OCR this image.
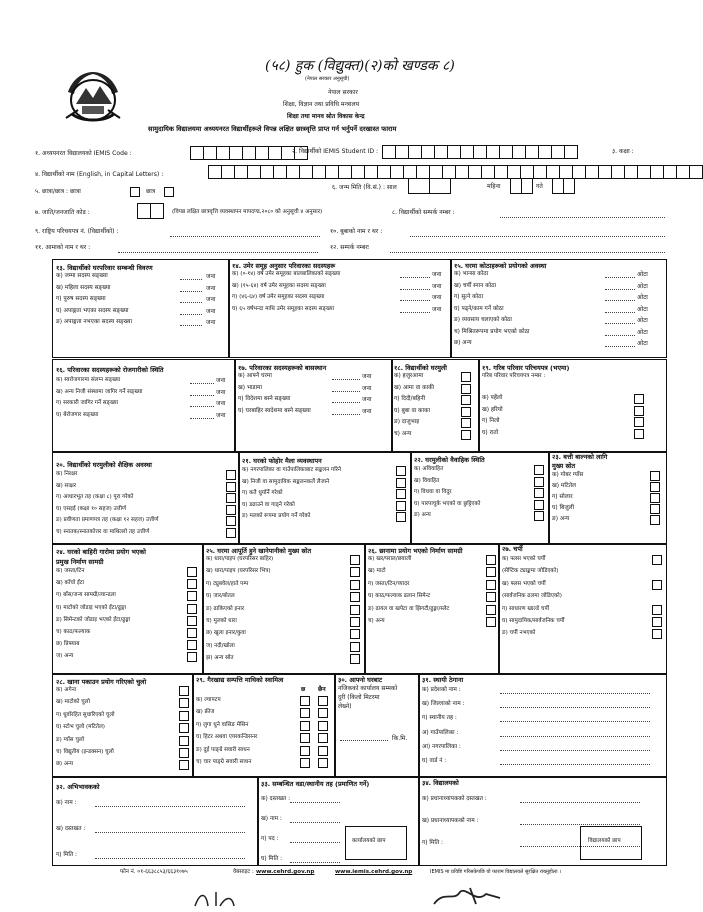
(५८) हुक (विद्युक्त)(२)को खण्डक ८)
(नेपाल सरकार अनुसूची)
नेपाल सरकार
शिक्षा, विज्ञान तथा प्रविधि मन्त्रालय
शिक्षा तथा मानव स्रोत विकास केन्द्र
सामुदायिक विद्यालयमा अध्ययनरत विद्यार्थीहरूले विपन्न लक्षित छात्रवृत्ति प्राप्त गर्न भर्नुपर्ने दरखास्त फाराम
१. अध्ययनरत विद्यालयको IEMIS Code :	२. विद्यार्थीको IEMIS Student ID :	३. कक्षा :
४. विद्यार्थीको नाम (English, in Capital Letters) :
५. छात्रा/छात्र : छात्रा	छात्र
६. जन्म मिति (वि.सं.) : साल	महिना	गते
७. जाति/जनजाति कोड :	(विपन्न लक्षित छात्रवृत्ति व्यवस्थापन मापदण्ड,२०८० को अनुसूची ४ अनुसार)	८. विद्यार्थीको सम्पर्क नम्बर :
९. राष्ट्रिय परिचयपत्र नं. (विद्यार्थीको) :	१०. बुबाको नाम र थर :
११. आमाको नाम र थर :	१२. सम्पर्क नम्बरः
१३. विद्यार्थीको घरपरिवार सम्बन्धी विवरण	१४. उमेर समूह अनुसार परिवारका सदस्यहरू	१५. घरमा कोठाहरूको प्रयोगको अवस्था
क) जम्मा सदस्य सङ्ख्या	जना
ख) महिला सदस्य सङ्ख्या	जना
ग) पुरुष सदस्य सङ्ख्या	जना
घ) अपाङ्गता भएका सदस्य सङ्ख्या	जना
ङ) अपाङ्गता नभएका सदस्य सङ्ख्या	जना
क) (०-१४) वर्ष उमेर समूहका बालबालिकाको सङ्ख्या	जना
ख) (१५-६४) वर्ष उमेर समूहका सदस्य सङ्ख्या	जना
ग) (४६-६४) वर्ष उमेर समूहका सदस्य सङ्ख्या	जना
घ) ६५ वर्षभन्दा माथि उमेर समूहका सदस्य सङ्ख्या	जना
क) भान्सा कोठा	ओटा
ख) चर्पी स्नान कोठा	ओटा
ग) सुत्ने कोठा	ओटा
घ) पढ्ने/काम गर्ने कोठा	ओटा
ङ) व्यवसाय चलाएको कोठा	ओटा
च) मिश्रितरूपमा प्रयोग भएको कोठा	ओटा
छ) अन्य	ओटा
१६. परिवारका सदस्यहरूको रोजगारीको स्थिति	१७. परिवारका सदस्यहरूको बासस्थान	१८. विद्यार्थीको घरमुली	१९. गरिब परिवार परिचयपत्र (भएमा)
गरिब परिवार परिचयपत्र नम्बर :
क) स्वरोजगारमा संलग्न सङ्ख्या	जना
ख) अन्य निजी संस्थामा जागिर गर्ने सङ्ख्या	जना
ग) सरकारी जागिर गर्ने सङ्ख्या	जना
घ) बेरोजगार सङ्ख्या	जना
क) आफ्नै घरमा	जना
ख) भाडामा	जना
ग) विदेशमा बस्ने सङ्ख्या	जना
घ) घरबाहिर स्वदेशमा बस्ने सङ्ख्या	जना
क) हजुरआमा
ख) आमा वा काकी
ग) दिदी/बहिनी
घ) बुबा वा काका
ङ) दाजुभाइ
च) अन्य
क) पहेंलो
ख) हरियो
ग) निलो
घ) रातो
२०. विद्यार्थीको घरमुलीको शैक्षिक अवस्था	२१. घरको फोहोर मैला व्यवस्थापन	२२. घरमुलीको वैवाहिक स्थिति	२३. बत्ती बाल्नको लागि
मुख्य स्रोत
क) निरक्षर
ख) साक्षर
ग) आधारभूत तह (कक्षा ८) पूरा गरेको
घ) एसइई (कक्षा १० सहज) उत्तीर्ण
ङ) प्रवीणता प्रमाणपत्र तह (कक्षा १२ सहज) उत्तीर्ण
च) स्नातक/स्नातकोत्तर वा माथिल्लो तह उत्तीर्ण
क) नगरपालिका वा गाउँपालिकाबाट सङ्कलन गरिने
ख) निजी वा सामुदायिक सङ्कलनकर्ले लैजाने
ग) कतै धुयाँर्ने गरेको
घ) डढाउने वा गाड्ने गरेको
ङ) मलको रूपमा प्रयोग गर्ने गरेको
क) अविवाहित
ख) विवाहित
ग) विधवा वा विदुर
घ) पारपाचुके भएको वा छुट्टिएको
ङ) अन्य
क) गोबर ग्याँस
ख) मटितेल
ग) सोलार
घ) बिजुली
ङ) अन्य
२४. घरको बाहिरी गारोमा प्रयोग भएको
प्रमुख निर्माण सामग्री
२५. घरमा आपूर्ति हुने खानेपानीको मुख्य स्रोत	२६. छानामा प्रयोग भएको निर्माण सामग्री	२७. चर्पी
क) जस्ता/टिन
ख) काँचो ईंटा
ग) बाँस/जन्य सामग्री/त्यान्डला
घ) माटोको जोडाइ भएको ईंटा/ढुङ्गा
ङ) सिमेन्टको जोडाइ भएको ईंटा/ढुङ्गा
च) काठ/फल्याक
छ) प्रिफ्याब
ज) अन्य
क) धारा/पाइप (घरपरिसर बाहिर)
ख) धारा/पाइप (घरपरिसर भित्र)
ग) ट्युबवेल/हाते पम्प
घ) जार/बोतल
ङ) ढाकिएको इनार
च) मुलको धारा
छ) खुला इनार/कुवा
ज) नदी/खोला
झ) अन्य स्रोत
क) खर/पराल/छवाली
ख) माटो
ग) जस्ता/टिन/च्यादर
घ) काठ/फल्याक ढलान सिमेन्ट
ङ) ढायल वा खपेटा वा झिगटी/ढुङ्गा/स्लेट
च) अन्य
क) फ्लस भएको चर्पी
(सेप्टिक ट्याङ्कमा जोडिएको)
ख) फ्लस भएको चर्पी
(सार्वजनिक ढलमा जोडिएको)
ग) साधारण खाल्डे चर्पी
घ) सामुदायिक/सार्वजनिक चर्पी
ङ) चर्पी नभएको
२८. खाना पकाउन प्रयोग गरिएको चुलो	२९. गैरखाद्य सम्पत्ति माथिको स्वामित्व
छ छैन
३०. आफ्नो घरबाट
नजिकको कार्यालय सम्मको
दुरी (किलो मिटरमा
लेख्ने)
कि.मि.
३१. स्थायी ठेगाना
क) अगेना
ख) माटोको चुलो
ग) धुवाँरहित सुधारिएको चुलो
घ) स्टोभ चुलो (मटितेल)
ङ) ग्याँस चुलो
च) विद्युतीय (इन्डक्सन) चुलो
छ) अन्य
क) ल्यापटप
ख) फ्रीज
ग) लुगा धुने वासिङ मेसिन
घ) हिटर अथवा एयरकन्डिसनर
ङ) दुई पाङ्ग्रे सवारी साधन
च) चार पाङ्ग्रे सवारी साधन
क) प्रदेशको नाम :
ख) जिल्लाको नाम :
ग) स्थानीय तह :
अ) गाउँपालिका :
आ) नगरपालिका :
घ) वार्ड नं :
३२. अभिभावकको	३३. सम्बन्धित वडा/स्थानीय तह (प्रमाणित गर्ने)	३४. विद्यालयको
कार्यालयको छाप	विद्यालयको छाप
क) नाम :
ख) दस्तखत :
ग) मिति :
क) दस्तखत :
ख) नाम :
ग) पद :
घ) मिति :
क) प्रधानाध्यापकको दस्तखत :
ख) प्रधानाध्यापकको नाम :
ग) मिति :
फोन नं. ०१-६६३८८५३/६६३१०७५	वेबसाइट : www.cehrd.gov.np	www.iemis.cehrd.gov.np	IEMIS मा प्रविष्टि गरिसकेपछि यो फाराम विद्यालयले सुरक्षित राख्नुहोला ।
